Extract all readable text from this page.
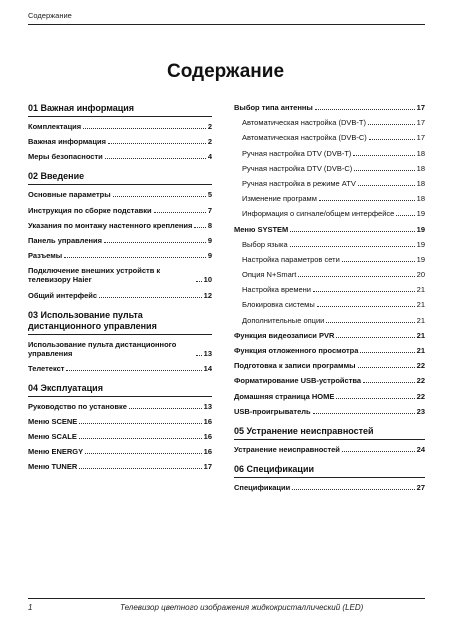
Содержание
Содержание
01 Важная информация
Комплектация	2
Важная информация	2
Меры безопасности	4
02 Введение
Основные параметры	5
Инструкция по сборке подставки	7
Указания по монтажу настенного крепления 8
Панель управления	9
Разъемы	9
Подключение внешних устройств к телевизору Haier	10
Общий интерфейс	12
03 Использование пульта дистанционного управления
Использование пульта дистанционного управления	13
Телетекст	14
04 Эксплуатация
Руководство по установке	13
Меню SCENE	16
Меню SCALE	16
Меню ENERGY	16
Меню TUNER	17
Выбор типа антенны	17
Автоматическая настройка (DVB-T)	17
Автоматическая настройка (DVB-C)	17
Ручная настройка DTV (DVB-T)	18
Ручная настройка DTV (DVB-C)	18
Ручная настройка в режиме ATV	18
Изменение программ	18
Информация о сигнале/общем интерфейсе	19
Меню SYSTEM	19
Выбор языка	19
Настройка параметров сети	19
Опция N+Smart	20
Настройка времени	21
Блокировка системы	21
Дополнительные опции	21
Функция видеозаписи PVR	21
Функция отложенного просмотра	21
Подготовка к записи программы	22
Форматирование USB-устройства	22
Домашняя страница HOME	22
USB-проигрыватель	23
05 Устранение неисправностей
Устранение неисправностей	24
06 Спецификации
Спецификации	27
1	Телевизор цветного изображения жидкокристаллический (LED)
